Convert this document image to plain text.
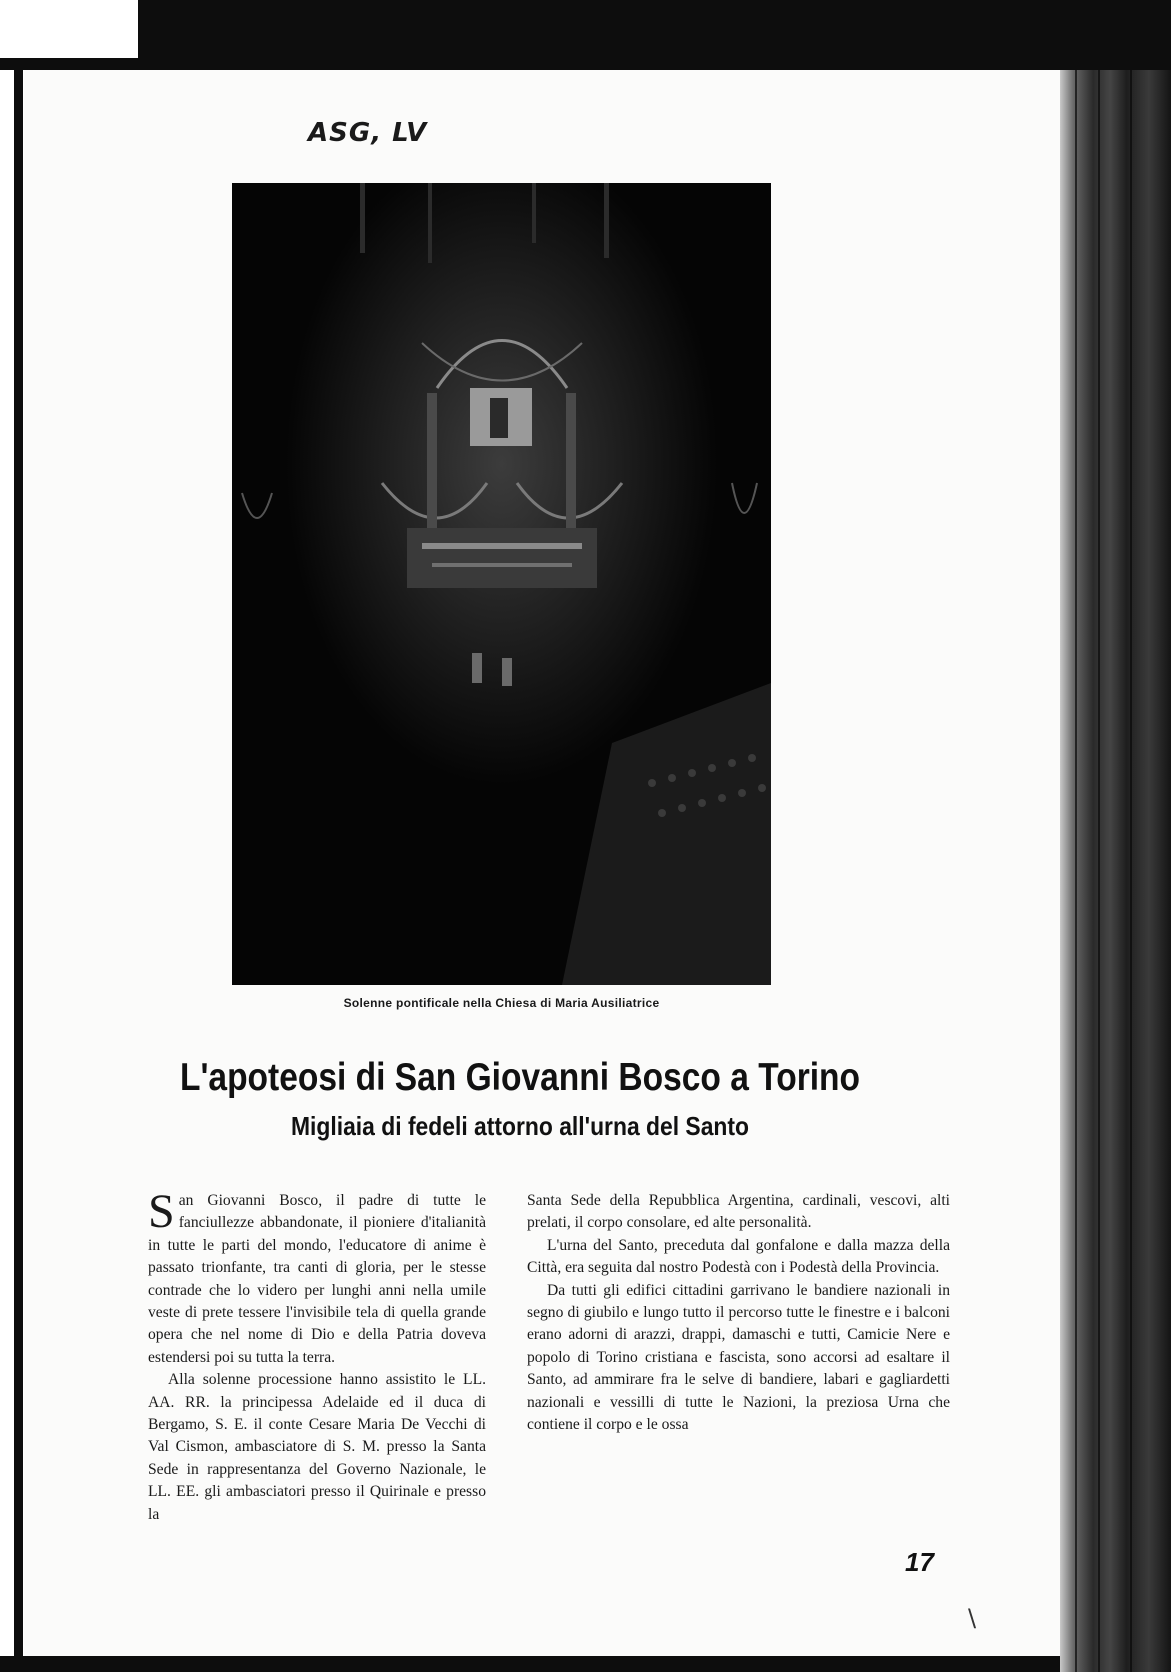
ASG, LV
Solenne pontificale nella Chiesa di Maria Ausiliatrice
L'apoteosi di San Giovanni Bosco a Torino
Migliaia di fedeli attorno all'urna del Santo

San Giovanni Bosco, il padre di tutte le fanciullezze abbandonate, il pioniere d'italianità in tutte le parti del mondo, l'educatore di anime è passato trionfante, tra canti di gloria, per le stesse contrade che lo videro per lunghi anni nella umile veste di prete tessere l'invisibile tela di quella grande opera che nel nome di Dio e della Patria doveva estendersi poi su tutta la terra.

Alla solenne processione hanno assistito le LL. AA. RR. la principessa Adelaide ed il duca di Bergamo, S. E. il conte Cesare Maria De Vecchi di Val Cismon, ambasciatore di S. M. presso la Santa Sede in rappresentanza del Governo Nazionale, le LL. EE. gli ambasciatori presso il Quirinale e presso la

Santa Sede della Repubblica Argentina, cardinali, vescovi, alti prelati, il corpo consolare, ed alte personalità.

L'urna del Santo, preceduta dal gonfalone e dalla mazza della Città, era seguita dal nostro Podestà con i Podestà della Provincia.

Da tutti gli edifici cittadini garrivano le bandiere nazionali in segno di giubilo e lungo tutto il percorso tutte le finestre e i balconi erano adorni di arazzi, drappi, damaschi e tutti, Camicie Nere e popolo di Torino cristiana e fascista, sono accorsi ad esaltare il Santo, ad ammirare fra le selve di bandiere, labari e gagliardetti nazionali e vessilli di tutte le Nazioni, la preziosa Urna che contiene il corpo e le ossa

17
\
